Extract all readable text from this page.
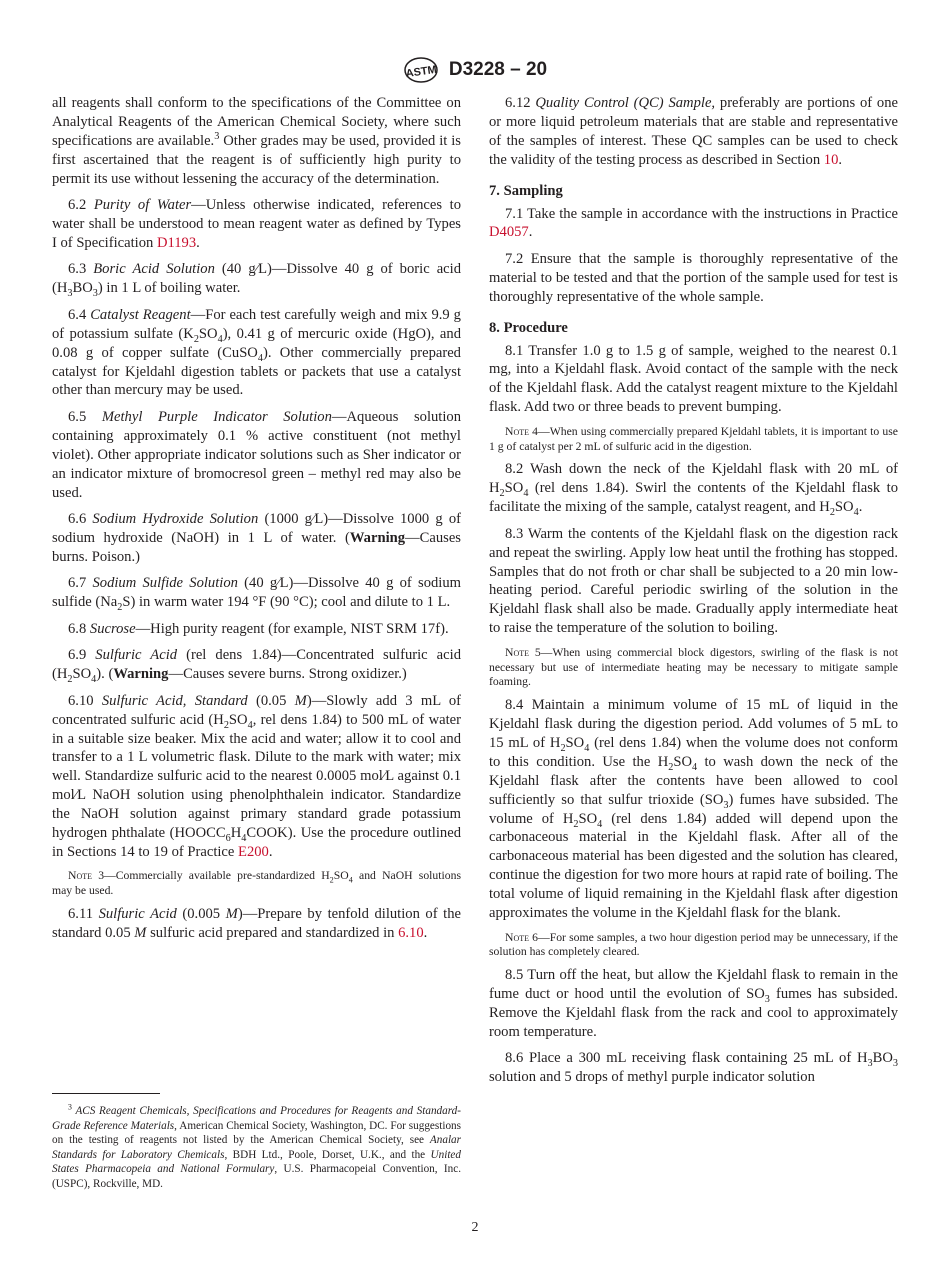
ASTM D3228 – 20

all reagents shall conform to the specifications of the Committee on Analytical Reagents of the American Chemical Society, where such specifications are available.$^3$ Other grades may be used, provided it is first ascertained that the reagent is of sufficiently high purity to permit its use without lessening the accuracy of the determination.

6.2 Purity of Water—Unless otherwise indicated, references to water shall be understood to mean reagent water as defined by Types I of Specification D1193.

6.3 Boric Acid Solution (40 g⁄L)—Dissolve 40 g of boric acid $(H_3BO_3)$ in 1 L of boiling water.

6.4 Catalyst Reagent—For each test carefully weigh and mix 9.9 g of potassium sulfate $(K_2SO_4)$, 0.41 g of mercuric oxide (HgO), and 0.08 g of copper sulfate (CuSO$_4$). Other commercially prepared catalyst for Kjeldahl digestion tablets or packets that use a catalyst other than mercury may be used.

6.5 Methyl Purple Indicator Solution—Aqueous solution containing approximately 0.1 % active constituent (not methyl violet). Other appropriate indicator solutions such as Sher indicator or an indicator mixture of bromocresol green – methyl red may also be used.

6.6 Sodium Hydroxide Solution (1000 g⁄L)—Dissolve 1000 g of sodium hydroxide (NaOH) in 1 L of water. (Warning—Causes burns. Poison.)

6.7 Sodium Sulfide Solution (40 g⁄L)—Dissolve 40 g of sodium sulfide $(Na_2S)$ in warm water 194 °F (90 °C); cool and dilute to 1 L.

6.8 Sucrose—High purity reagent (for example, NIST SRM 17f).

6.9 Sulfuric Acid (rel dens 1.84)—Concentrated sulfuric acid $(H_2SO_4)$. (Warning—Causes severe burns. Strong oxidizer.)

6.10 Sulfuric Acid, Standard (0.05 M)—Slowly add 3 mL of concentrated sulfuric acid ($H_2SO_4$, rel dens 1.84) to 500 mL of water in a suitable size beaker. Mix the acid and water; allow it to cool and transfer to a 1 L volumetric flask. Dilute to the mark with water; mix well. Standardize sulfuric acid to the nearest 0.0005 mol⁄L against 0.1 mol⁄L NaOH solution using phenolphthalein indicator. Standardize the NaOH solution against primary standard grade potassium hydrogen phthalate $(HOOCC_6H_4COOK)$. Use the procedure outlined in Sections 14 to 19 of Practice E200.

Note 3—Commercially available pre-standardized $H_2SO_4$ and NaOH solutions may be used.

6.11 Sulfuric Acid (0.005 M)—Prepare by tenfold dilution of the standard 0.05 M sulfuric acid prepared and standardized in 6.10.

6.12 Quality Control (QC) Sample, preferably are portions of one or more liquid petroleum materials that are stable and representative of the samples of interest. These QC samples can be used to check the validity of the testing process as described in Section 10.

7. Sampling

7.1 Take the sample in accordance with the instructions in Practice D4057.

7.2 Ensure that the sample is thoroughly representative of the material to be tested and that the portion of the sample used for test is thoroughly representative of the whole sample.

8. Procedure

8.1 Transfer 1.0 g to 1.5 g of sample, weighed to the nearest 0.1 mg, into a Kjeldahl flask. Avoid contact of the sample with the neck of the Kjeldahl flask. Add the catalyst reagent mixture to the Kjeldahl flask. Add two or three beads to prevent bumping.

Note 4—When using commercially prepared Kjeldahl tablets, it is important to use 1 g of catalyst per 2 mL of sulfuric acid in the digestion.

8.2 Wash down the neck of the Kjeldahl flask with 20 mL of $H_2SO_4$ (rel dens 1.84). Swirl the contents of the Kjeldahl flask to facilitate the mixing of the sample, catalyst reagent, and $H_2SO_4$.

8.3 Warm the contents of the Kjeldahl flask on the digestion rack and repeat the swirling. Apply low heat until the frothing has stopped. Samples that do not froth or char shall be subjected to a 20 min low-heating period. Careful periodic swirling of the solution in the Kjeldahl flask shall also be made. Gradually apply intermediate heat to raise the temperature of the solution to boiling.

Note 5—When using commercial block digestors, swirling of the flask is not necessary but use of intermediate heating may be necessary to mitigate sample foaming.

8.4 Maintain a minimum volume of 15 mL of liquid in the Kjeldahl flask during the digestion period. Add volumes of 5 mL to 15 mL of $H_2SO_4$ (rel dens 1.84) when the volume does not conform to this condition. Use the $H_2SO_4$ to wash down the neck of the Kjeldahl flask after the contents have been allowed to cool sufficiently so that sulfur trioxide $(SO_3)$ fumes have subsided. The volume of $H_2SO_4$ (rel dens 1.84) added will depend upon the carbonaceous material in the Kjeldahl flask. After all of the carbonaceous material has been digested and the solution has cleared, continue the digestion for two more hours at rapid rate of boiling. The total volume of liquid remaining in the Kjeldahl flask after digestion approximates the volume in the Kjeldahl flask for the blank.

Note 6—For some samples, a two hour digestion period may be unnecessary, if the solution has completely cleared.

8.5 Turn off the heat, but allow the Kjeldahl flask to remain in the fume duct or hood until the evolution of $SO_3$ fumes has subsided. Remove the Kjeldahl flask from the rack and cool to approximately room temperature.

8.6 Place a 300 mL receiving flask containing 25 mL of $H_3BO_3$ solution and 5 drops of methyl purple indicator solution

$^3$ ACS Reagent Chemicals, Specifications and Procedures for Reagents and Standard-Grade Reference Materials, American Chemical Society, Washington, DC. For suggestions on the testing of reagents not listed by the American Chemical Society, see Analar Standards for Laboratory Chemicals, BDH Ltd., Poole, Dorset, U.K., and the United States Pharmacopeia and National Formulary, U.S. Pharmacopeial Convention, Inc. (USPC), Rockville, MD.
2
